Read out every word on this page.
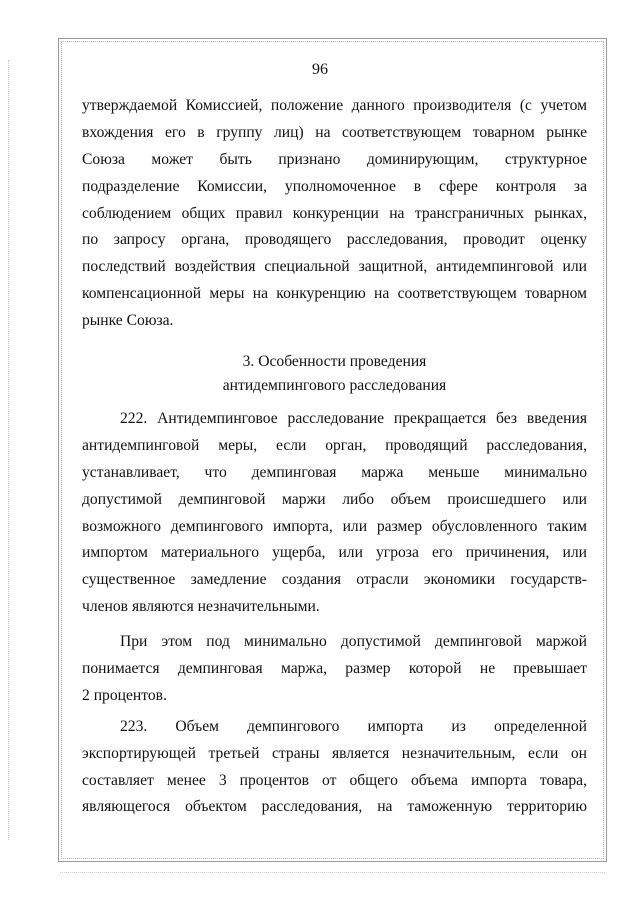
96
утверждаемой Комиссией, положение данного производителя (с учетом
вхождения его в группу лиц) на соответствующем товарном рынке
Союза может быть признано доминирующим, структурное
подразделение Комиссии, уполномоченное в сфере контроля за
соблюдением общих правил конкуренции на трансграничных рынках,
по запросу органа, проводящего расследования, проводит оценку
последствий воздействия специальной защитной, антидемпинговой или
компенсационной меры на конкуренцию на соответствующем товарном
рынке Союза.
3. Особенности проведения
антидемпингового расследования
222. Антидемпинговое расследование прекращается без введения
антидемпинговой меры, если орган, проводящий расследования,
устанавливает, что демпинговая маржа меньше минимально
допустимой демпинговой маржи либо объем происшедшего или
возможного демпингового импорта, или размер обусловленного таким
импортом материального ущерба, или угроза его причинения, или
существенное замедление создания отрасли экономики государств-
членов являются незначительными.
При этом под минимально допустимой демпинговой маржой
понимается демпинговая маржа, размер которой не превышает
2 процентов.
223. Объем демпингового импорта из определенной
экспортирующей третьей страны является незначительным, если он
составляет менее 3 процентов от общего объема импорта товара,
являющегося объектом расследования, на таможенную территорию
